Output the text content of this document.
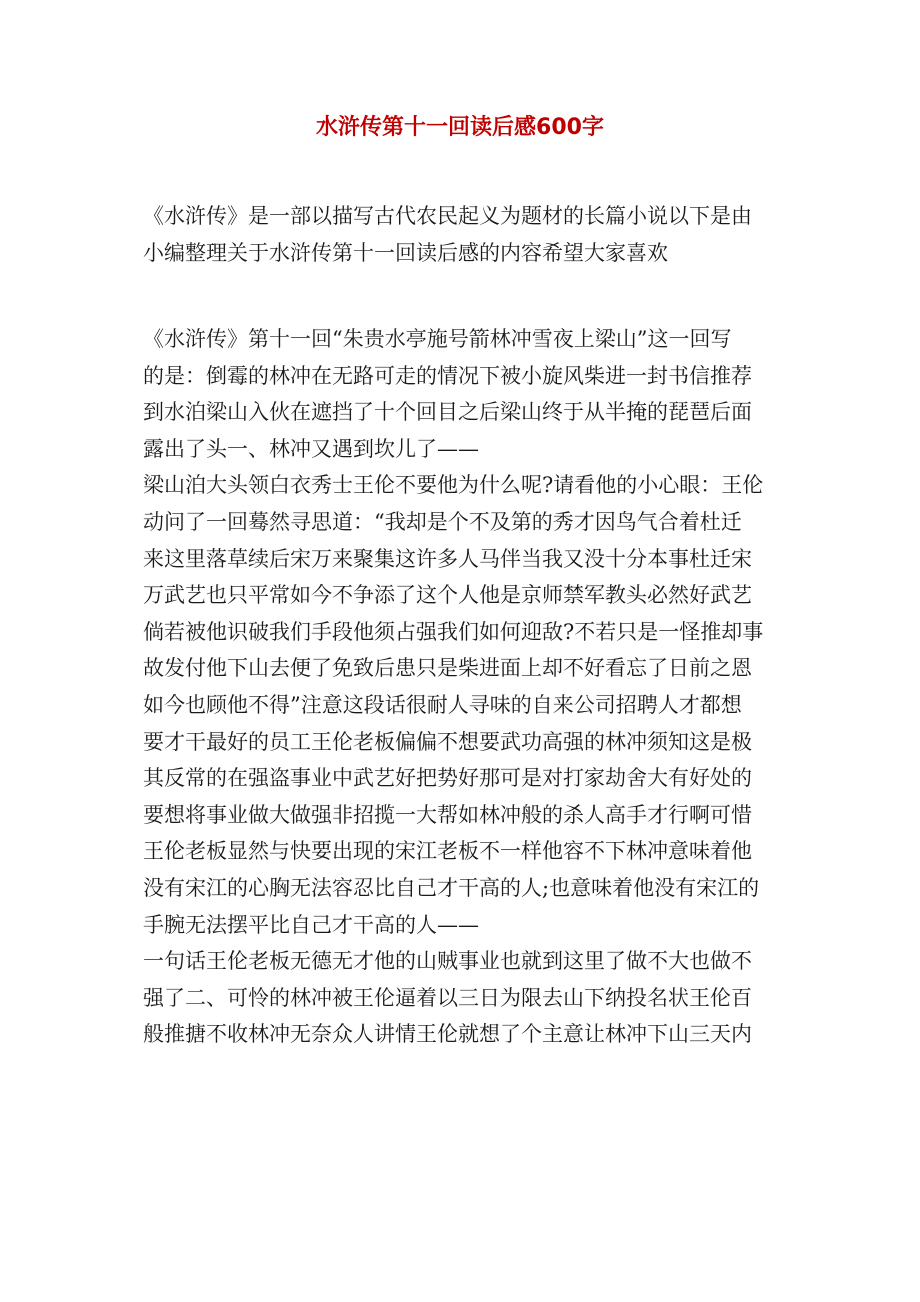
水浒传第十一回读后感600字
《水浒传》是一部以描写古代农民起义为题材的长篇小说以下是由
小编整理关于水浒传第十一回读后感的内容希望大家喜欢
《水浒传》第十一回“朱贵水亭施号箭林冲雪夜上梁山”这一回写
的是：倒霉的林冲在无路可走的情况下被小旋风柴进一封书信推荐
到水泊梁山入伙在遮挡了十个回目之后梁山终于从半掩的琵琶后面
露出了头一、林冲又遇到坎儿了——
梁山泊大头领白衣秀士王伦不要他为什么呢?请看他的小心眼：王伦
动问了一回蓦然寻思道：“我却是个不及第的秀才因鸟气合着杜迁
来这里落草续后宋万来聚集这许多人马伴当我又没十分本事杜迁宋
万武艺也只平常如今不争添了这个人他是京师禁军教头必然好武艺
倘若被他识破我们手段他须占强我们如何迎敌?不若只是一怪推却事
故发付他下山去便了免致后患只是柴进面上却不好看忘了日前之恩
如今也顾他不得”注意这段话很耐人寻味的自来公司招聘人才都想
要才干最好的员工王伦老板偏偏不想要武功高强的林冲须知这是极
其反常的在强盗事业中武艺好把势好那可是对打家劫舍大有好处的
要想将事业做大做强非招揽一大帮如林冲般的杀人高手才行啊可惜
王伦老板显然与快要出现的宋江老板不一样他容不下林冲意味着他
没有宋江的心胸无法容忍比自己才干高的人;也意味着他没有宋江的
手腕无法摆平比自己才干高的人——
一句话王伦老板无德无才他的山贼事业也就到这里了做不大也做不
强了二、可怜的林冲被王伦逼着以三日为限去山下纳投名状王伦百
般推搪不收林冲无奈众人讲情王伦就想了个主意让林冲下山三天内
